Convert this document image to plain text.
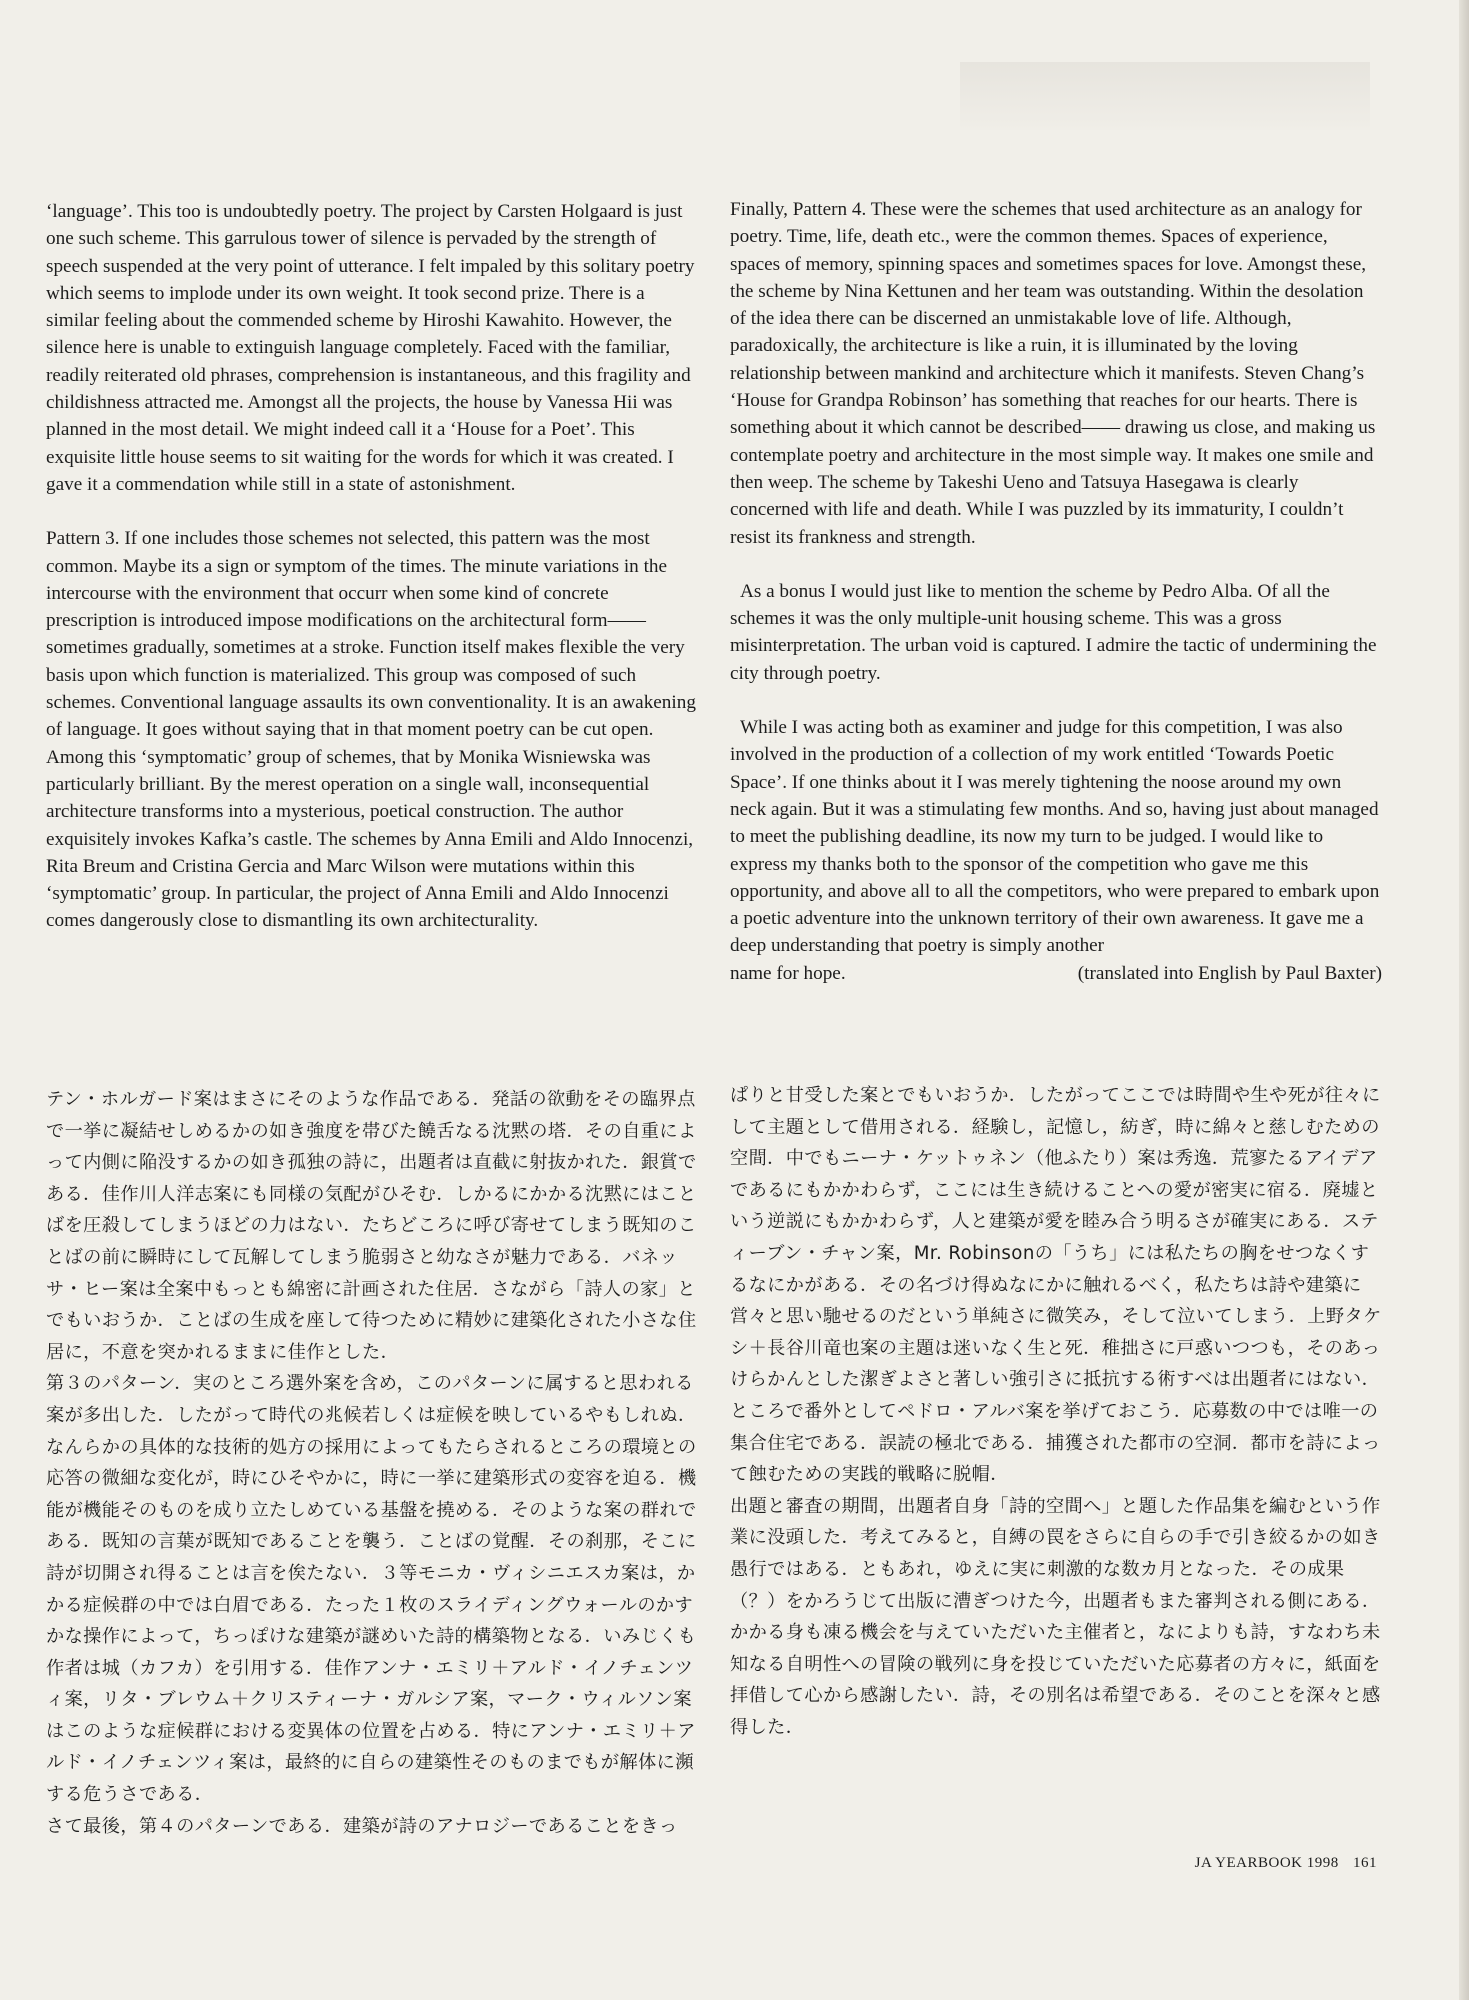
‘language’. This too is undoubtedly poetry. The project by Carsten Holgaard is just one such scheme. This garrulous tower of silence is pervaded by the strength of speech suspended at the very point of utterance. I felt impaled by this solitary poetry which seems to implode under its own weight. It took second prize. There is a similar feeling about the commended scheme by Hiroshi Kawahito. However, the silence here is unable to extinguish language completely. Faced with the familiar, readily reiterated old phrases, comprehension is instantaneous, and this fragility and childishness attracted me. Amongst all the projects, the house by Vanessa Hii was planned in the most detail. We might indeed call it a ‘House for a Poet’. This exquisite little house seems to sit waiting for the words for which it was created. I gave it a commendation while still in a state of astonishment.

Pattern 3. If one includes those schemes not selected, this pattern was the most common. Maybe its a sign or symptom of the times. The minute variations in the intercourse with the environment that occurr when some kind of concrete prescription is introduced impose modifications on the architectural form—— sometimes gradually, sometimes at a stroke. Function itself makes flexible the very basis upon which function is materialized. This group was composed of such schemes. Conventional language assaults its own conventionality. It is an awakening of language. It goes without saying that in that moment poetry can be cut open. Among this ‘symptomatic’ group of schemes, that by Monika Wisniewska was particularly brilliant. By the merest operation on a single wall, inconsequential architecture transforms into a mysterious, poetical construction. The author exquisitely invokes Kafka’s castle. The schemes by Anna Emili and Aldo Innocenzi, Rita Breum and Cristina Gercia and Marc Wilson were mutations within this ‘symptomatic’ group. In particular, the project of Anna Emili and Aldo Innocenzi comes dangerously close to dismantling its own architecturality.

Finally, Pattern 4. These were the schemes that used architecture as an analogy for poetry. Time, life, death etc., were the common themes. Spaces of experience, spaces of memory, spinning spaces and sometimes spaces for love. Amongst these, the scheme by Nina Kettunen and her team was outstanding. Within the desolation of the idea there can be discerned an unmistakable love of life. Although, paradoxically, the architecture is like a ruin, it is illuminated by the loving relationship between mankind and architecture which it manifests. Steven Chang’s ‘House for Grandpa Robinson’ has something that reaches for our hearts. There is something about it which cannot be described—— drawing us close, and making us contemplate poetry and architecture in the most simple way. It makes one smile and then weep. The scheme by Takeshi Ueno and Tatsuya Hasegawa is clearly concerned with life and death. While I was puzzled by its immaturity, I couldn’t resist its frankness and strength.

As a bonus I would just like to mention the scheme by Pedro Alba. Of all the schemes it was the only multiple-unit housing scheme. This was a gross misinterpretation. The urban void is captured. I admire the tactic of undermining the city through poetry.

While I was acting both as examiner and judge for this competition, I was also involved in the production of a collection of my work entitled ‘Towards Poetic Space’. If one thinks about it I was merely tightening the noose around my own neck again. But it was a stimulating few months. And so, having just about managed to meet the publishing deadline, its now my turn to be judged. I would like to express my thanks both to the sponsor of the competition who gave me this opportunity, and above all to all the competitors, who were prepared to embark upon a poetic adventure into the unknown territory of their own awareness. It gave me a deep understanding that poetry is simply another

name for hope.	(translated into English by Paul Baxter)

テン・ホルガード案はまさにそのような作品である．発話の欲動をその臨界点で一挙に凝結せしめるかの如き強度を帯びた饒舌なる沈黙の塔．その自重によって内側に陥没するかの如き孤独の詩に，出題者は直截に射抜かれた．銀賞である．佳作川人洋志案にも同様の気配がひそむ．しかるにかかる沈黙にはことばを圧殺してしまうほどの力はない．たちどころに呼び寄せてしまう既知のことばの前に瞬時にして瓦解してしまう脆弱さと幼なさが魅力である．バネッサ・ヒー案は全案中もっとも綿密に計画された住居．さながら「詩人の家」とでもいおうか．ことばの生成を座して待つために精妙に建築化された小さな住居に，不意を突かれるままに佳作とした．

第３のパターン．実のところ選外案を含め，このパターンに属すると思われる案が多出した．したがって時代の兆候若しくは症候を映しているやもしれぬ．なんらかの具体的な技術的処方の採用によってもたらされるところの環境との応答の微細な変化が，時にひそやかに，時に一挙に建築形式の変容を迫る．機能が機能そのものを成り立たしめている基盤を撓める．そのような案の群れである．既知の言葉が既知であることを襲う．ことばの覚醒．その刹那，そこに詩が切開され得ることは言を俟たない．３等モニカ・ヴィシニエスカ案は，かかる症候群の中では白眉である．たった１枚のスライディングウォールのかすかな操作によって，ちっぽけな建築が謎めいた詩的構築物となる．いみじくも作者は城（カフカ）を引用する．佳作アンナ・エミリ＋アルド・イノチェンツィ案，リタ・ブレウム＋クリスティーナ・ガルシア案，マーク・ウィルソン案はこのような症候群における変異体の位置を占める．特にアンナ・エミリ＋アルド・イノチェンツィ案は，最終的に自らの建築性そのものまでもが解体に瀕する危うさである．

さて最後，第４のパターンである．建築が詩のアナロジーであることをきっ

ぱりと甘受した案とでもいおうか．したがってここでは時間や生や死が往々にして主題として借用される．経験し，記憶し，紡ぎ，時に綿々と慈しむための空間．中でもニーナ・ケットゥネン（他ふたり）案は秀逸．荒寥たるアイデアであるにもかかわらず，ここには生き続けることへの愛が密実に宿る．廃墟という逆説にもかかわらず，人と建築が愛を睦み合う明るさが確実にある．スティーブン・チャン案，Mr. Robinsonの「うち」には私たちの胸をせつなくするなにかがある．その名づけ得ぬなにかに触れるべく，私たちは詩や建築に営々と思い馳せるのだという単純さに微笑み，そして泣いてしまう．上野タケシ＋長谷川竜也案の主題は迷いなく生と死．稚拙さに戸惑いつつも，そのあっけらかんとした潔ぎよさと著しい強引さに抵抗する術すべは出題者にはない．

ところで番外としてペドロ・アルバ案を挙げておこう．応募数の中では唯一の集合住宅である．誤読の極北である．捕獲された都市の空洞．都市を詩によって蝕むための実践的戦略に脱帽．

出題と審査の期間，出題者自身「詩的空間へ」と題した作品集を編むという作業に没頭した．考えてみると，自縛の罠をさらに自らの手で引き絞るかの如き愚行ではある．ともあれ，ゆえに実に刺激的な数カ月となった．その成果（？）をかろうじて出版に漕ぎつけた今，出題者もまた審判される側にある．かかる身も凍る機会を与えていただいた主催者と，なによりも詩，すなわち未知なる自明性への冒険の戦列に身を投じていただいた応募者の方々に，紙面を拝借して心から感謝したい．詩，その別名は希望である．そのことを深々と感得した．

JA YEARBOOK 1998 161
